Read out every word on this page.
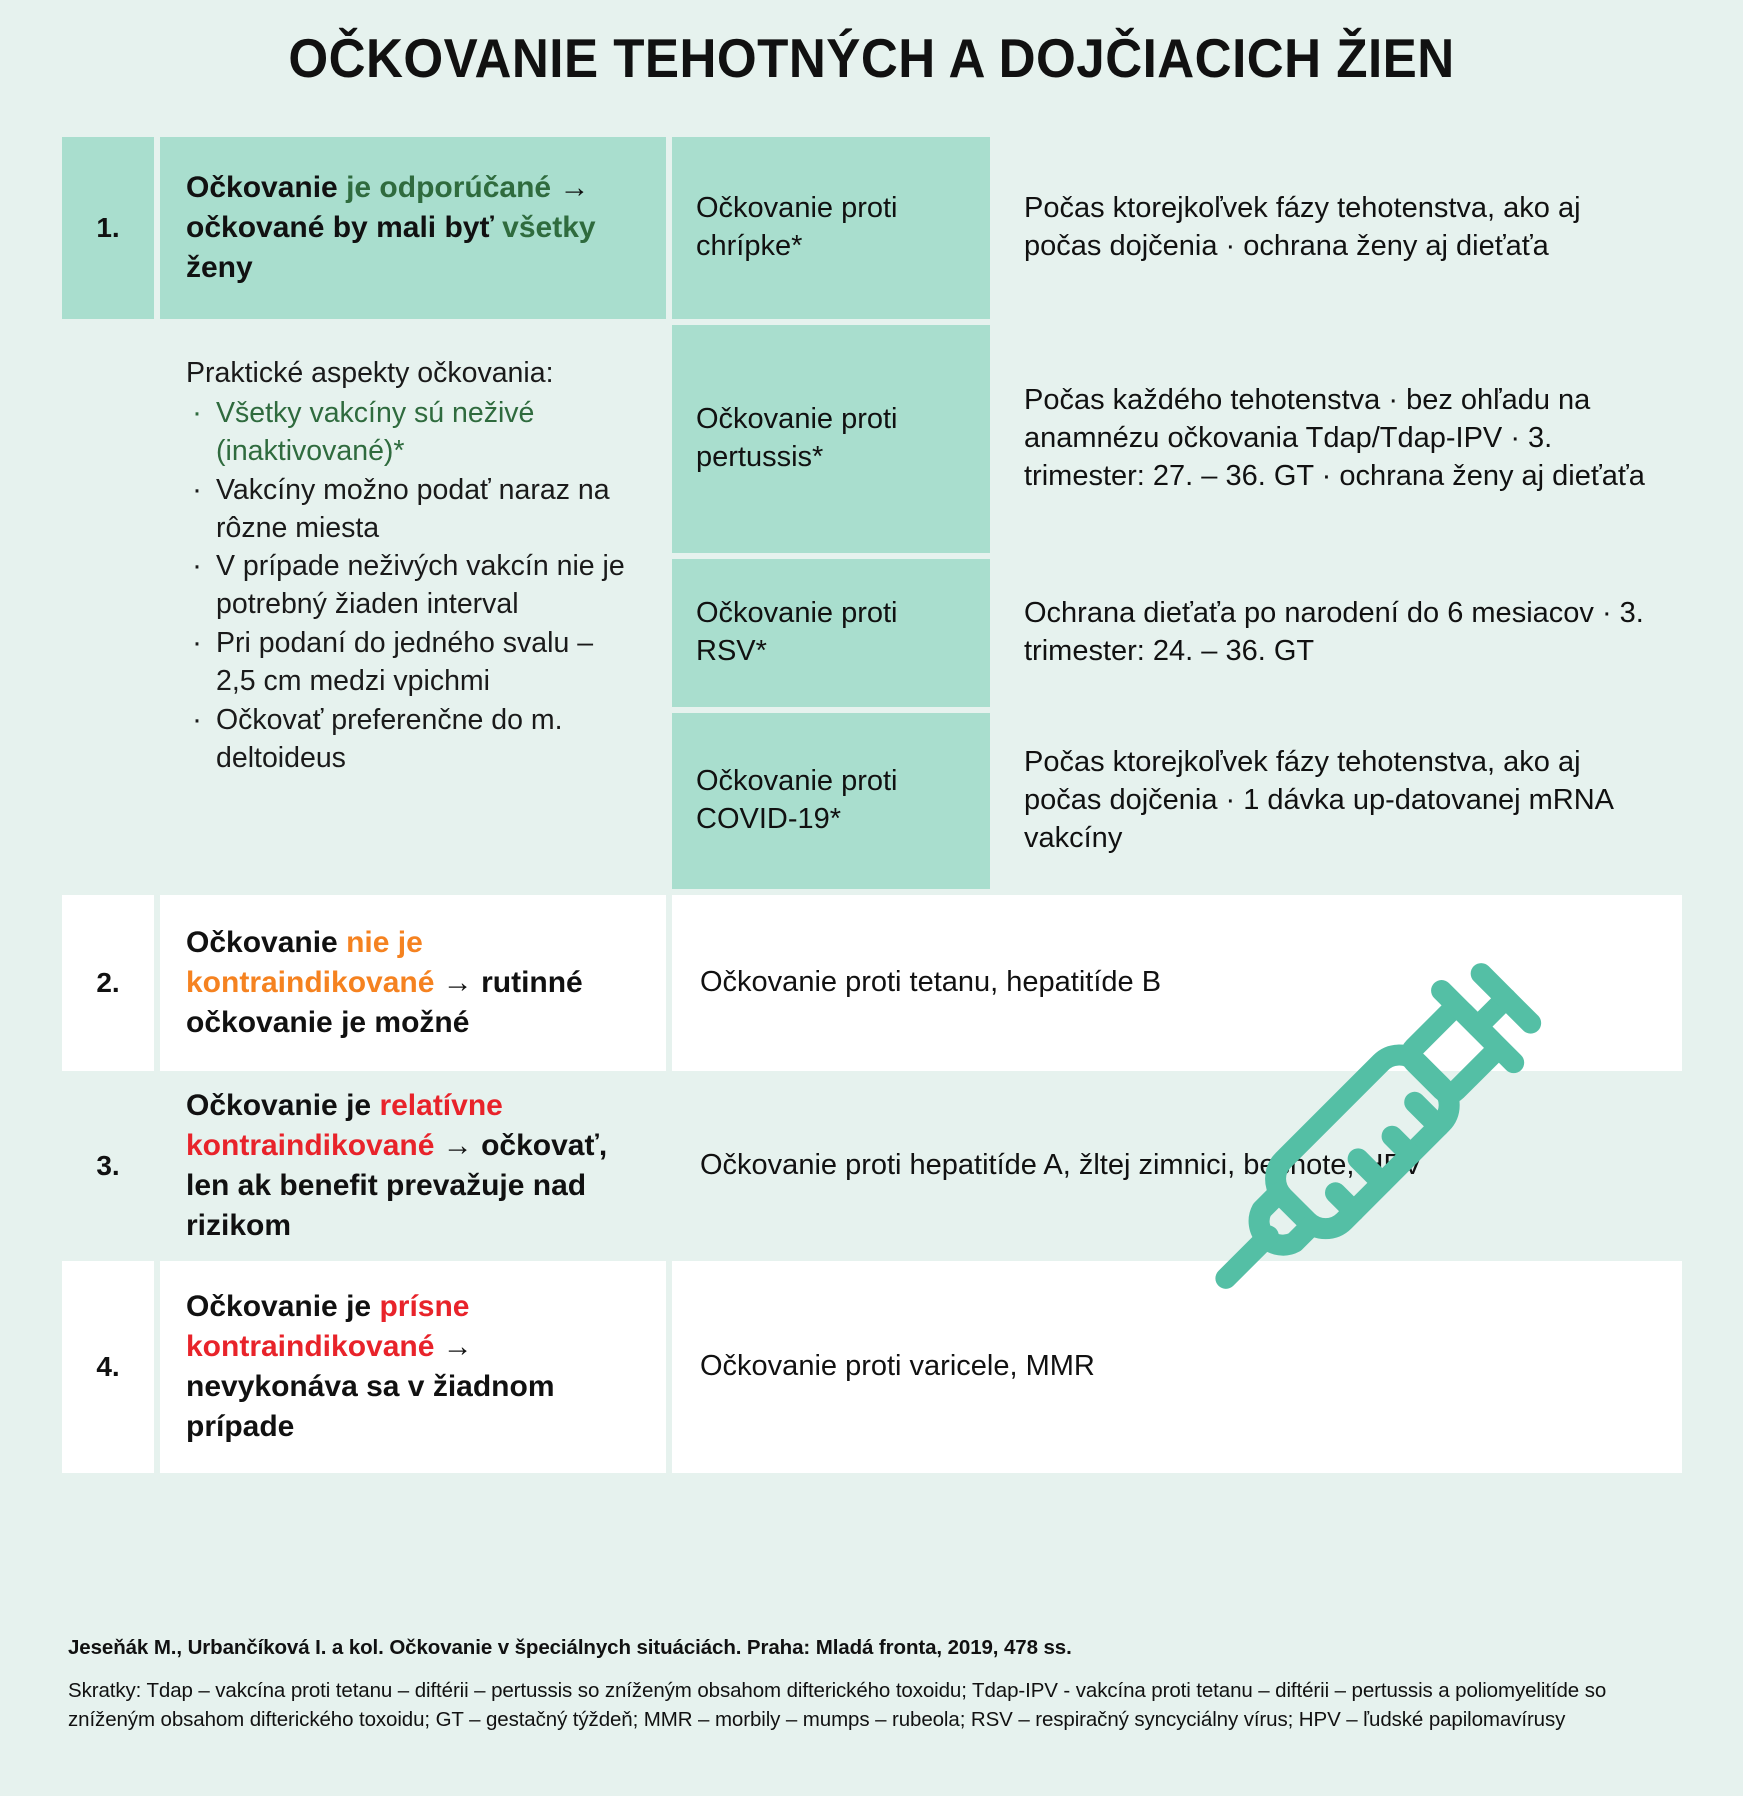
OČKOVANIE TEHOTNÝCH A DOJČIACICH ŽIEN
1.
Očkovanie je odporúčané → očkované by mali byť všetky ženy
Praktické aspekty očkovania:
· Všetky vakcíny sú neživé (inaktivované)*
· Vakcíny možno podať naraz na rôzne miesta
· V prípade neživých vakcín nie je potrebný žiaden interval
· Pri podaní do jedného svalu – 2,5 cm medzi vpichmi
· Očkovať preferenčne do m. deltoideus
Očkovanie proti chrípke*
Počas ktorejkoľvek fázy tehotenstva, ako aj počas dojčenia · ochrana ženy aj dieťaťa
Očkovanie proti pertussis*
Počas každého tehotenstva · bez ohľadu na anamnézu očkovania Tdap/Tdap-IPV · 3. trimester: 27. – 36. GT · ochrana ženy aj dieťaťa
Očkovanie proti RSV*
Ochrana dieťaťa po narodení do 6 mesiacov · 3. trimester: 24. – 36. GT
Očkovanie proti COVID-19*
Počas ktorejkoľvek fázy tehotenstva, ako aj počas dojčenia · 1 dávka up-datovanej mRNA vakcíny
2.
Očkovanie nie je kontraindikované → rutinné očkovanie je možné
Očkovanie proti tetanu, hepatitíde B
3.
Očkovanie je relatívne kontraindikované → očkovať, len ak benefit prevažuje nad rizikom
Očkovanie proti hepatitíde A, žltej zimnici, besnote, HPV
4.
Očkovanie je prísne kontraindikované → nevykonáva sa v žiadnom prípade
Očkovanie proti varicele, MMR
Jeseňák M., Urbančíková I. a kol. Očkovanie v špeciálnych situáciách. Praha: Mladá fronta, 2019, 478 ss.
Skratky: Tdap – vakcína proti tetanu – diftérii – pertussis so zníženým obsahom difterického toxoidu; Tdap-IPV - vakcína proti tetanu – diftérii – pertussis a poliomyelitíde so zníženým obsahom difterického toxoidu; GT – gestačný týždeň; MMR – morbily – mumps – rubeola; RSV – respiračný syncyciálny vírus; HPV – ľudské papilomavírusy
